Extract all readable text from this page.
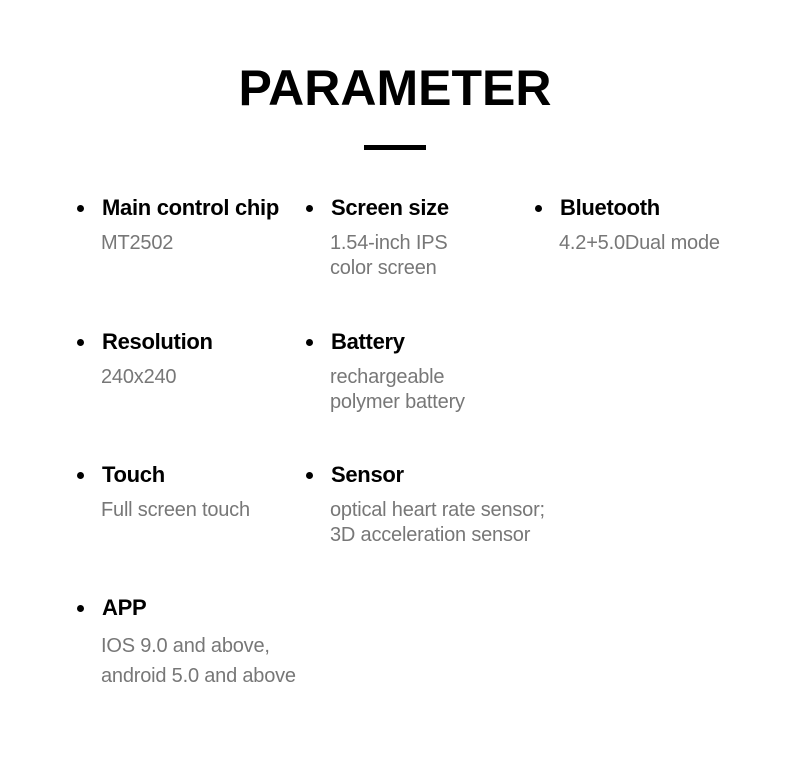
PARAMETER
Main control chip
MT2502
Screen size
1.54-inch IPS
color screen
Bluetooth
4.2+5.0Dual mode
Resolution
240x240
Battery
rechargeable
polymer battery
Touch
Full screen touch
Sensor
optical heart rate sensor;
3D acceleration sensor
APP
IOS 9.0 and above,
android 5.0 and above
